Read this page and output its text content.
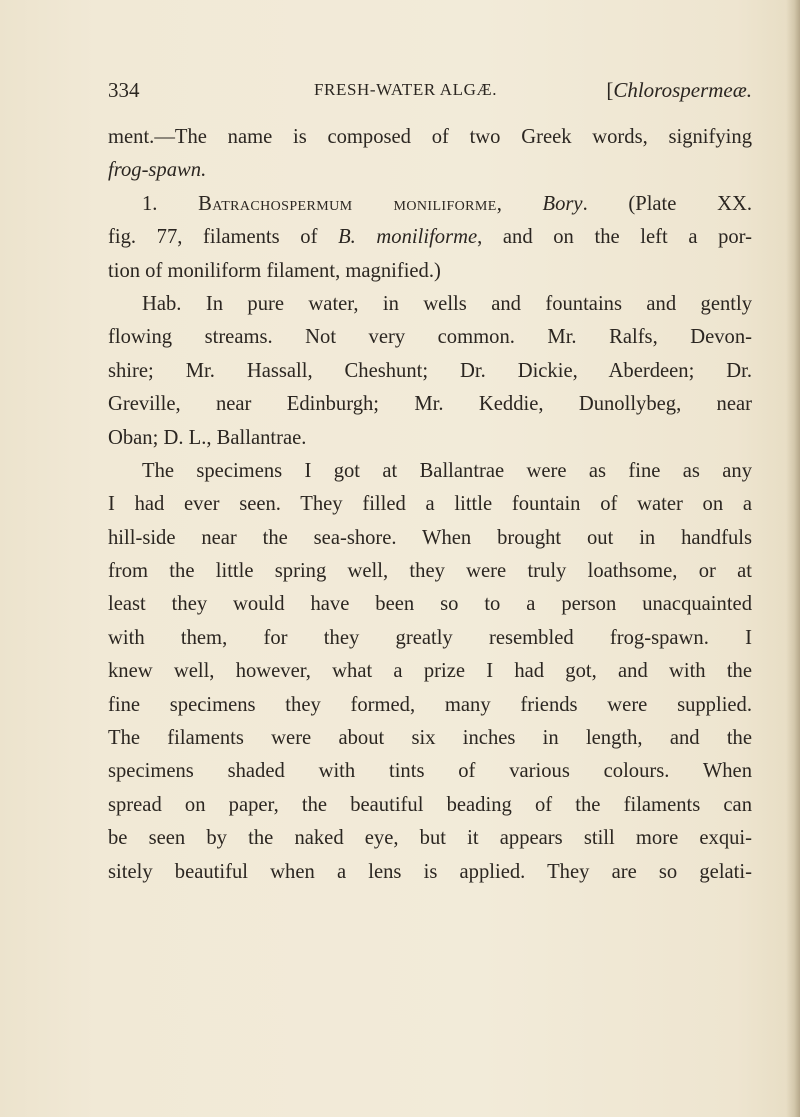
334	FRESH-WATER ALGÆ.	[Chlorospermeæ.
ment.—The name is composed of two Greek words, signifying
frog-spawn.
1. Batrachospermum moniliforme, Bory. (Plate XX.
fig. 77, filaments of B. moniliforme, and on the left a por-
tion of moniliform filament, magnified.)
Hab. In pure water, in wells and fountains and gently
flowing streams. Not very common. Mr. Ralfs, Devon-
shire; Mr. Hassall, Cheshunt; Dr. Dickie, Aberdeen; Dr.
Greville, near Edinburgh; Mr. Keddie, Dunollybeg, near
Oban; D. L., Ballantrae.
The specimens I got at Ballantrae were as fine as any
I had ever seen. They filled a little fountain of water on a
hill-side near the sea-shore. When brought out in handfuls
from the little spring well, they were truly loathsome, or at
least they would have been so to a person unacquainted
with them, for they greatly resembled frog-spawn. I
knew well, however, what a prize I had got, and with the
fine specimens they formed, many friends were supplied.
The filaments were about six inches in length, and the
specimens shaded with tints of various colours. When
spread on paper, the beautiful beading of the filaments can
be seen by the naked eye, but it appears still more exqui-
sitely beautiful when a lens is applied. They are so gelati-
